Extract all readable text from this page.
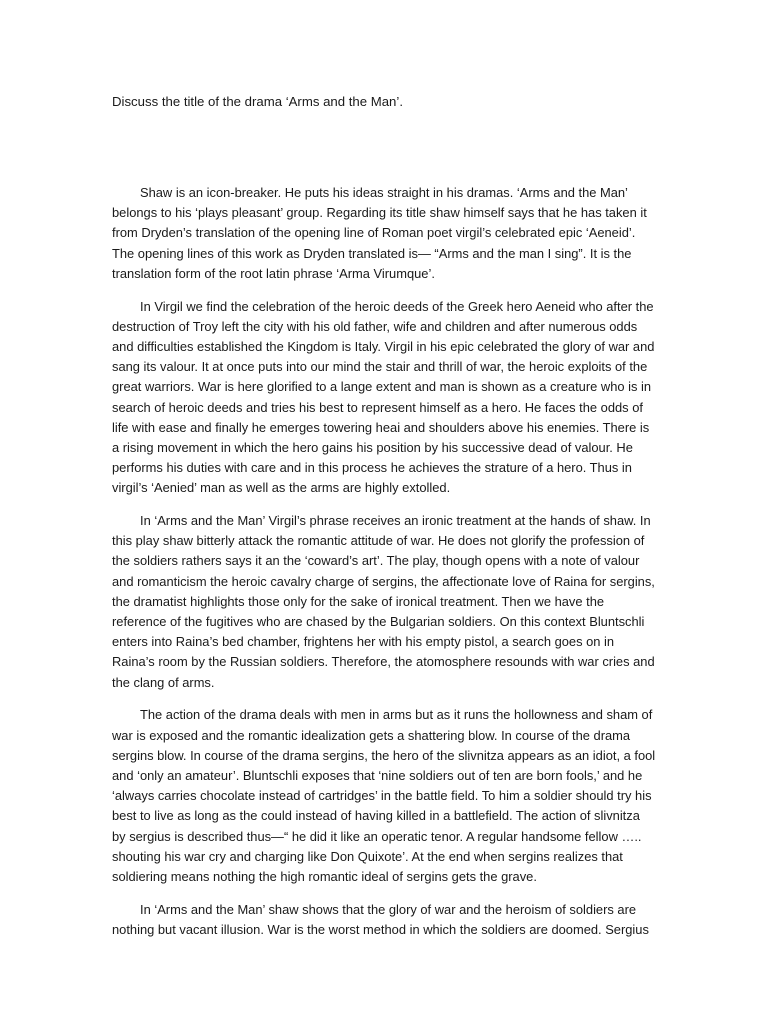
Discuss the title of the drama ‘Arms and the Man’.

Shaw is an icon-breaker. He puts his ideas straight in his dramas. ‘Arms and the Man’ belongs to his ‘plays pleasant’ group. Regarding its title shaw himself says that he has taken it from Dryden’s translation of the opening line of Roman poet virgil’s celebrated epic ‘Aeneid’. The opening lines of this work as Dryden translated is— “Arms and the man I sing”. It is the translation form of the root latin phrase ‘Arma Virumque’.

In Virgil we find the celebration of the heroic deeds of the Greek hero Aeneid who after the destruction of Troy left the city with his old father, wife and children and after numerous odds and difficulties established the Kingdom is Italy. Virgil in his epic celebrated the glory of war and sang its valour. It at once puts into our mind the stair and thrill of war, the heroic exploits of the great warriors. War is here glorified to a lange extent and man is shown as a creature who is in search of heroic deeds and tries his best to represent himself as a hero. He faces the odds of life with ease and finally he emerges towering heai and shoulders above his enemies. There is a rising movement in which the hero gains his position by his successive dead of valour. He performs his duties with care and in this process he achieves the strature of a hero. Thus in virgil’s ‘Aenied’ man as well as the arms are highly extolled.

In ‘Arms and the Man’ Virgil’s phrase receives an ironic treatment at the hands of shaw. In this play shaw bitterly attack the romantic attitude of war. He does not glorify the profession of the soldiers rathers says it an the ‘coward’s art’. The play, though opens with a note of valour and romanticism the heroic cavalry charge of sergins, the affectionate love of Raina for sergins, the dramatist highlights those only for the sake of ironical treatment. Then we have the reference of the fugitives who are chased by the Bulgarian soldiers. On this context Bluntschli enters into Raina’s bed chamber, frightens her with his empty pistol, a search goes on in Raina’s room by the Russian soldiers. Therefore, the atomosphere resounds with war cries and the clang of arms.

The action of the drama deals with men in arms but as it runs the hollowness and sham of war is exposed and the romantic idealization gets a shattering blow. In course of the drama sergins blow. In course of the drama sergins, the hero of the slivnitza appears as an idiot, a fool and ‘only an amateur’. Bluntschli exposes that ‘nine soldiers out of ten are born fools,’ and he ‘always carries chocolate instead of cartridges’ in the battle field. To him a soldier should try his best to live as long as the could instead of having killed in a battlefield. The action of slivnitza by sergius is described thus—“ he did it like an operatic tenor. A regular handsome fellow ….. shouting his war cry and charging like Don Quixote’. At the end when sergins realizes that soldiering means nothing the high romantic ideal of sergins gets the grave.

In ‘Arms and the Man’ shaw shows that the glory of war and the heroism of soldiers are nothing but vacant illusion. War is the worst method in which the soldiers are doomed. Sergius
